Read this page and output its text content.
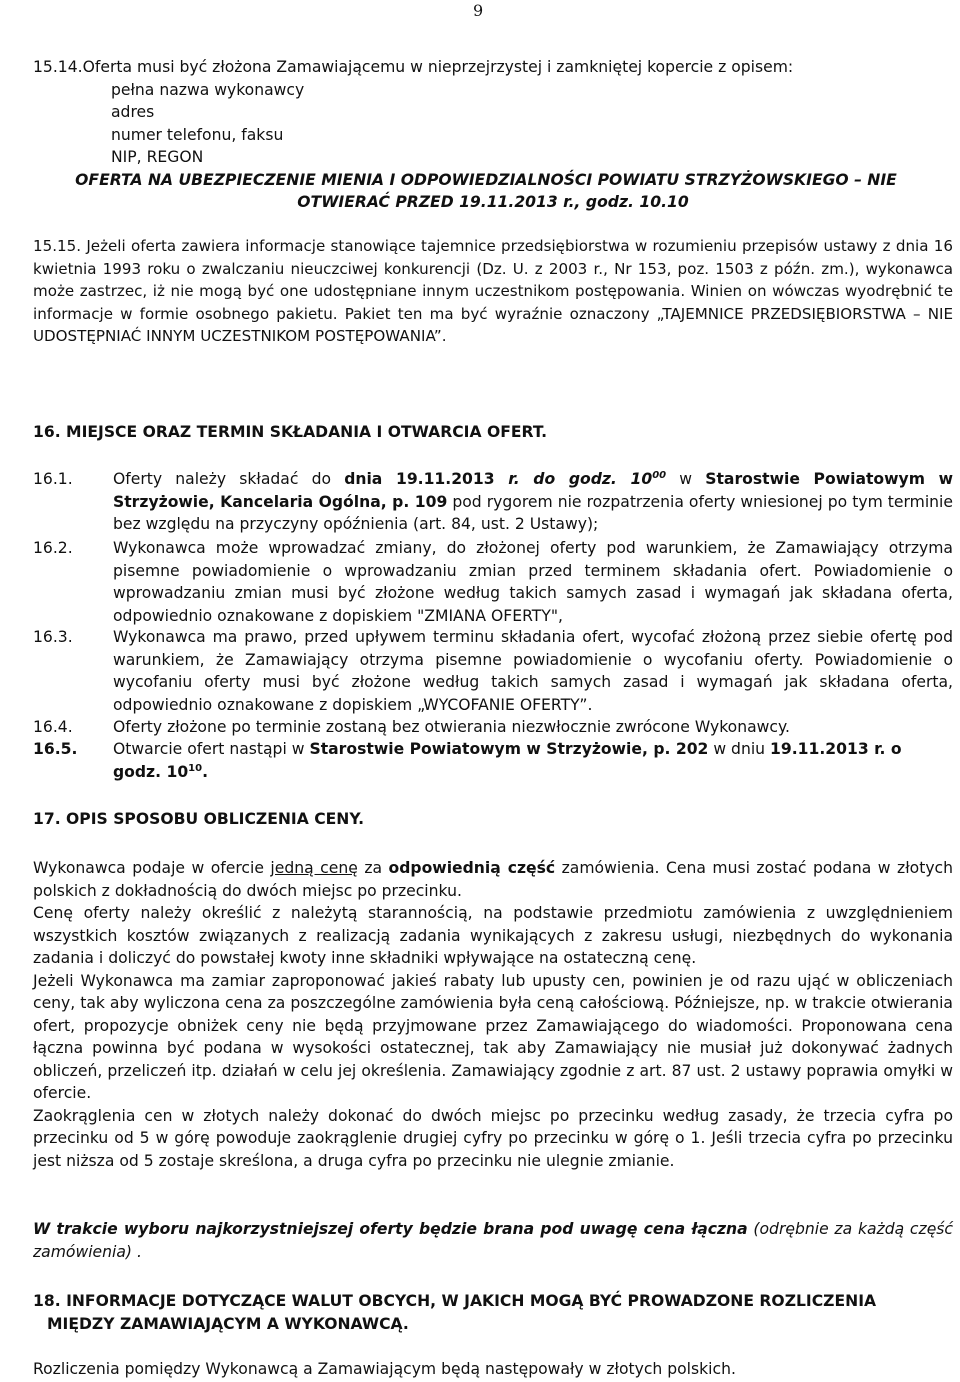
9
15.14.Oferta musi być złożona Zamawiającemu w nieprzejrzystej i zamkniętej kopercie z opisem:
pełna nazwa wykonawcy
adres
numer telefonu, faksu
NIP, REGON
OFERTA NA UBEZPIECZENIE MIENIA I ODPOWIEDZIALNOŚCI POWIATU STRZYŻOWSKIEGO – NIE
OTWIERAĆ PRZED 19.11.2013 r., godz. 10.10
15.15. Jeżeli oferta zawiera informacje stanowiące tajemnice przedsiębiorstwa w rozumieniu przepisów ustawy z dnia 16 kwietnia 1993 roku o zwalczaniu nieuczciwej konkurencji (Dz. U. z 2003 r., Nr 153, poz. 1503 z późn. zm.), wykonawca może zastrzec, iż nie mogą być one udostępniane innym uczestnikom postępowania. Winien on wówczas wyodrębnić te informacje w formie osobnego pakietu. Pakiet ten ma być wyraźnie oznaczony „TAJEMNICE PRZEDSIĘBIORSTWA – NIE UDOSTĘPNIAĆ INNYM UCZESTNIKOM POSTĘPOWANIA”.
16. MIEJSCE ORAZ TERMIN SKŁADANIA I OTWARCIA OFERT.
16.1.	Oferty należy składać do dnia 19.11.2013 r. do godz. $10^{00}$ w Starostwie Powiatowym w Strzyżowie, Kancelaria Ogólna, p. 109 pod rygorem nie rozpatrzenia oferty wniesionej po tym terminie bez względu na przyczyny opóźnienia (art. 84, ust. 2 Ustawy);
16.2.	Wykonawca może wprowadzać zmiany, do złożonej oferty pod warunkiem, że Zamawiający otrzyma pisemne powiadomienie o wprowadzaniu zmian przed terminem składania ofert. Powiadomienie o wprowadzaniu zmian musi być złożone według takich samych zasad i wymagań jak składana oferta, odpowiednio oznakowane z dopiskiem "ZMIANA OFERTY",
16.3.	Wykonawca ma prawo, przed upływem terminu składania ofert, wycofać złożoną przez siebie ofertę pod warunkiem, że Zamawiający otrzyma pisemne powiadomienie o wycofaniu oferty. Powiadomienie o wycofaniu oferty musi być złożone według takich samych zasad i wymagań jak składana oferta, odpowiednio oznakowane z dopiskiem „WYCOFANIE OFERTY”.
16.4.	Oferty złożone po terminie zostaną bez otwierania niezwłocznie zwrócone Wykonawcy.
16.5. Otwarcie ofert nastąpi w Starostwie Powiatowym w Strzyżowie, p. 202 w dniu 19.11.2013 r. o godz. $10^{10}$.
17. OPIS SPOSOBU OBLICZENIA CENY.
Wykonawca podaje w ofercie jedną cenę za odpowiednią część zamówienia. Cena musi zostać podana w złotych polskich z dokładnością do dwóch miejsc po przecinku.
Cenę oferty należy określić z należytą starannością, na podstawie przedmiotu zamówienia z uwzględnieniem wszystkich kosztów związanych z realizacją zadania wynikających z zakresu usługi, niezbędnych do wykonania zadania i doliczyć do powstałej kwoty inne składniki wpływające na ostateczną cenę.
Jeżeli Wykonawca ma zamiar zaproponować jakieś rabaty lub upusty cen, powinien je od razu ująć w obliczeniach ceny, tak aby wyliczona cena za poszczególne zamówienia była ceną całościową. Późniejsze, np. w trakcie otwierania ofert, propozycje obniżek ceny nie będą przyjmowane przez Zamawiającego do wiadomości. Proponowana cena łączna powinna być podana w wysokości ostatecznej, tak aby Zamawiający nie musiał już dokonywać żadnych obliczeń, przeliczeń itp. działań w celu jej określenia. Zamawiający zgodnie z art. 87 ust. 2 ustawy poprawia omyłki w ofercie.
Zaokrąglenia cen w złotych należy dokonać do dwóch miejsc po przecinku według zasady, że trzecia cyfra po przecinku od 5 w górę powoduje zaokrąglenie drugiej cyfry po przecinku w górę o 1. Jeśli trzecia cyfra po przecinku jest niższa od 5 zostaje skreślona, a druga cyfra po przecinku nie ulegnie zmianie.
W trakcie wyboru najkorzystniejszej oferty będzie brana pod uwagę cena łączna (odrębnie za każdą część zamówienia) .
18. INFORMACJE DOTYCZĄCE WALUT OBCYCH, W JAKICH MOGĄ BYĆ PROWADZONE ROZLICZENIA
MIĘDZY ZAMAWIAJĄCYM A WYKONAWCĄ.
Rozliczenia pomiędzy Wykonawcą a Zamawiającym będą następowały w złotych polskich.
